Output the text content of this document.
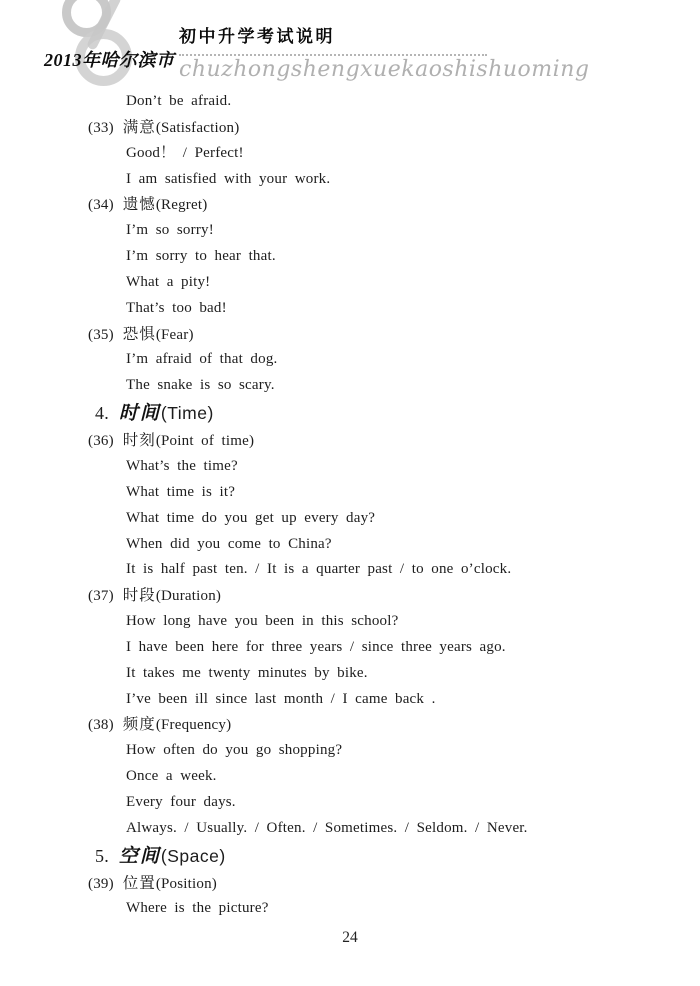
2013年哈尔滨市
初中升学考试说明
chuzhongshengxuekaoshishuoming
Don’t be afraid.
(33) 满意(Satisfaction)
Good！ / Perfect!
I am satisfied with your work.
(34) 遗憾(Regret)
I’m so sorry!
I’m sorry to hear that.
What a pity!
That’s too bad!
(35) 恐惧(Fear)
I’m afraid of that dog.
The snake is so scary.
4. 时间(Time)
(36) 时刻(Point of time)
What’s the time?
What time is it?
What time do you get up every day?
When did you come to China?
It is half past ten. / It is a quarter past / to one o’clock.
(37) 时段(Duration)
How long have you been in this school?
I have been here for three years / since three years ago.
It takes me twenty minutes by bike.
I’ve been ill since last month / I came back .
(38) 频度(Frequency)
How often do you go shopping?
Once a week.
Every four days.
Always. / Usually. / Often. / Sometimes. / Seldom. / Never.
5. 空间(Space)
(39) 位置(Position)
Where is the picture?
24
